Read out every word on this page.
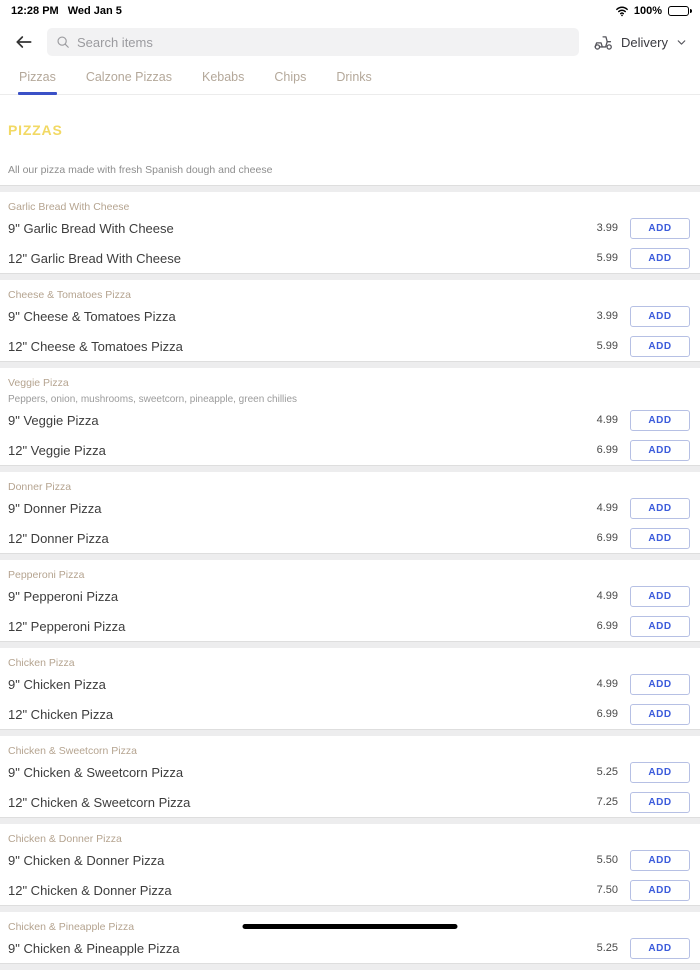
12:28 PM Wed Jan 5	100%
Search items
Delivery
Pizzas Calzone Pizzas Kebabs Chips Drinks
PIZZAS
All our pizza made with fresh Spanish dough and cheese
Garlic Bread With Cheese
9" Garlic Bread With Cheese	3.99	ADD
12" Garlic Bread With Cheese	5.99	ADD
Cheese & Tomatoes Pizza
9" Cheese & Tomatoes Pizza	3.99	ADD
12" Cheese & Tomatoes Pizza	5.99	ADD
Veggie Pizza
Peppers, onion, mushrooms, sweetcorn, pineapple, green chillies
9" Veggie Pizza	4.99	ADD
12" Veggie Pizza	6.99	ADD
Donner Pizza
9" Donner Pizza	4.99	ADD
12" Donner Pizza	6.99	ADD
Pepperoni Pizza
9" Pepperoni Pizza	4.99	ADD
12" Pepperoni Pizza	6.99	ADD
Chicken Pizza
9" Chicken Pizza	4.99	ADD
12" Chicken Pizza	6.99	ADD
Chicken & Sweetcorn Pizza
9" Chicken & Sweetcorn Pizza	5.25	ADD
12" Chicken & Sweetcorn Pizza	7.25	ADD
Chicken & Donner Pizza
9" Chicken & Donner Pizza	5.50	ADD
12" Chicken & Donner Pizza	7.50	ADD
Chicken & Pineapple Pizza
9" Chicken & Pineapple Pizza	5.25	ADD
